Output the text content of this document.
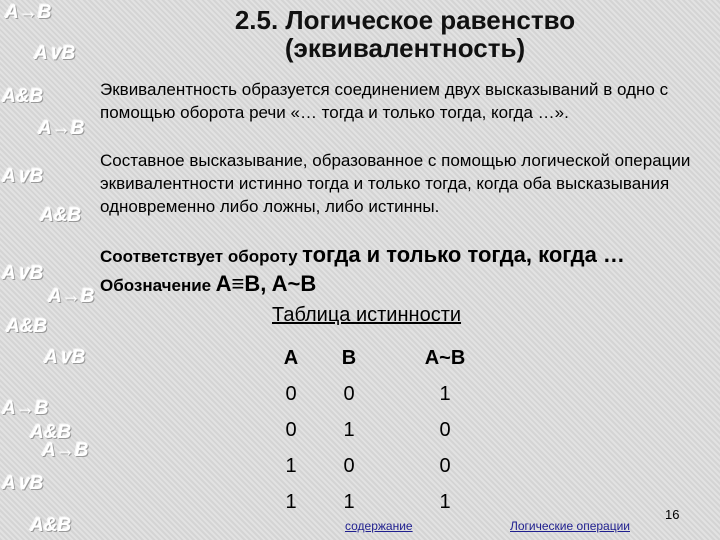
A→B
A∨B
A&B
A→B
A∨B
A&B
A∨B
A→B
A&B
A∨B
A→B
A&B
A→B
A∨B
A&B
2.5. Логическое равенство
(эквивалентность)

Эквивалентность образуется соединением двух высказываний в одно с помощью оборота речи «… тогда и только тогда, когда …».

Составное высказывание, образованное с помощью логической операции эквивалентности истинно тогда и только тогда, когда оба высказывания одновременно либо ложны, либо истинны.

Соответствует обороту тогда и только тогда, когда …
Обозначение A≡B, A~B
Таблица истинности
A	B	A~B
0	0	1
0	1	0
1	0	0
1	1	1
содержание	Логические операции
16
